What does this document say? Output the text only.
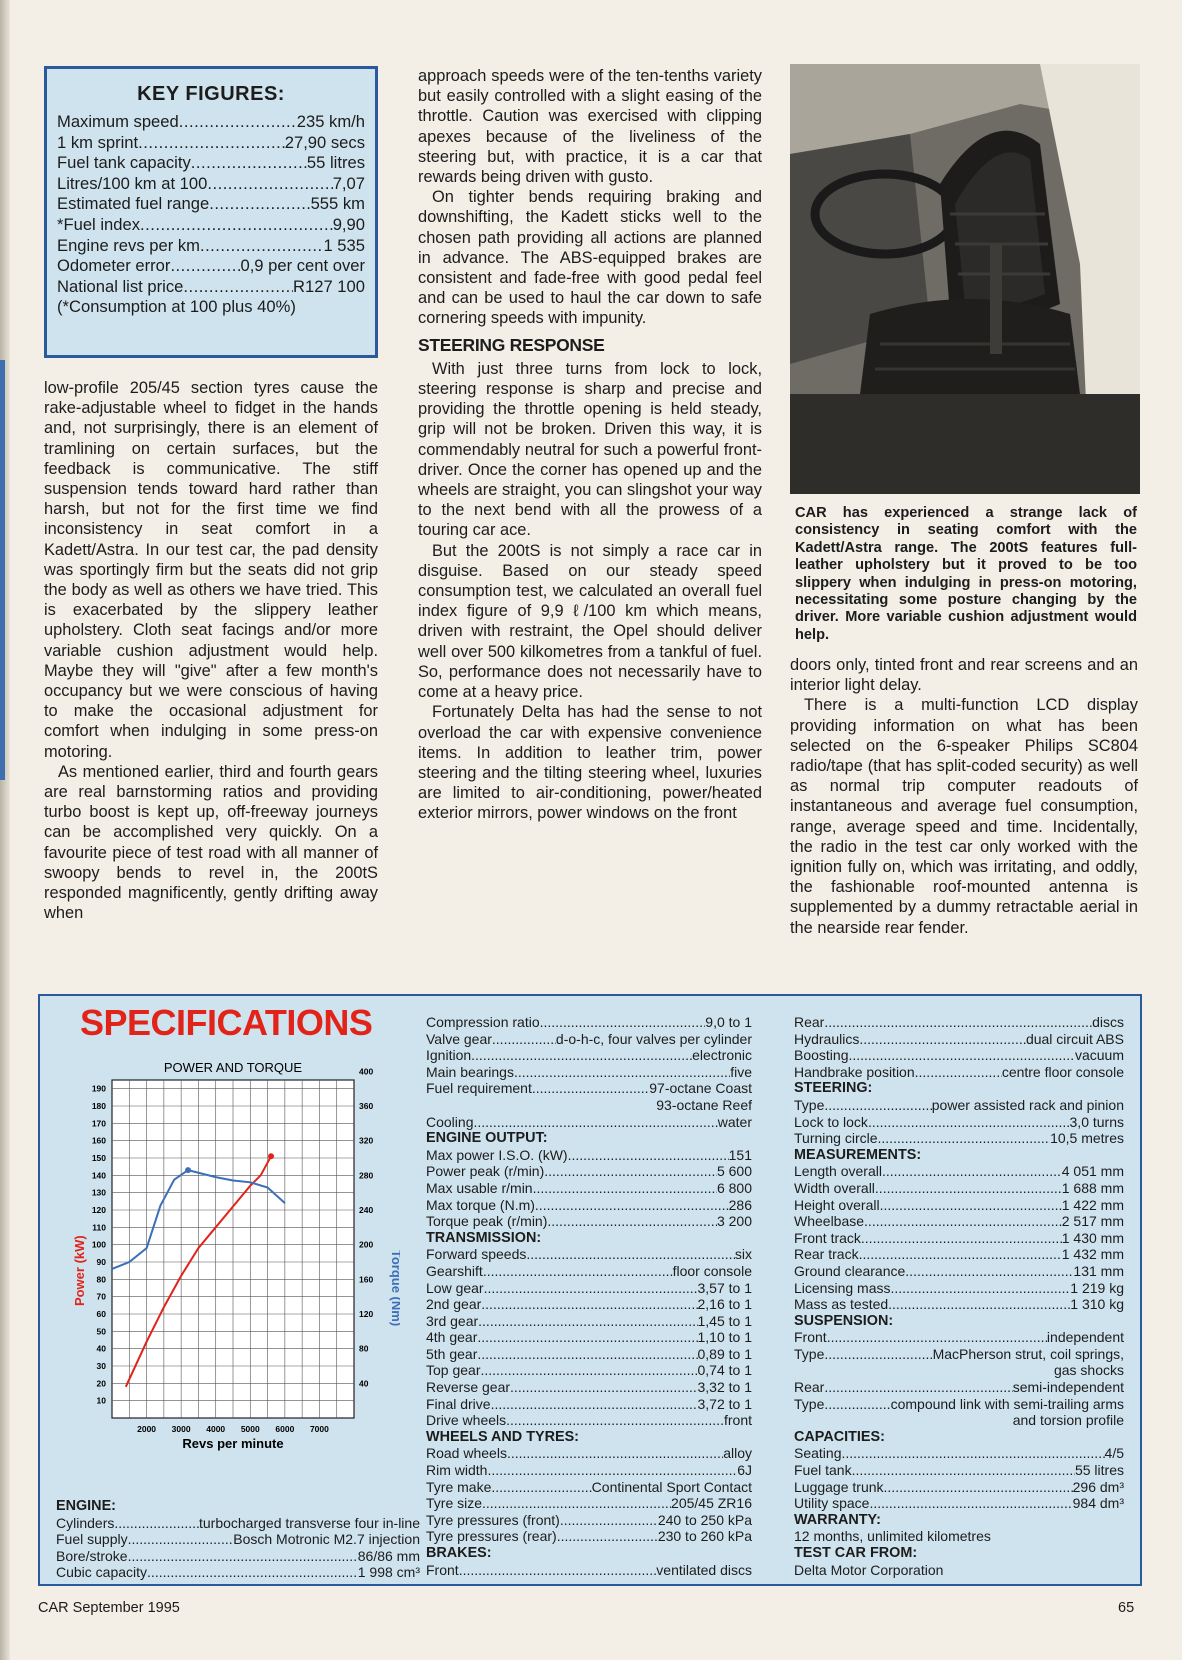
KEY FIGURES:
Maximum speed .....	235 km/h
1 km sprint .....	27,90 secs
Fuel tank capacity .....	55 litres
Litres/100 km at 100 .....	7,07
Estimated fuel range .....	555 km
*Fuel index .....	9,90
Engine revs per km .....	1 535
Odometer error .....	0,9 per cent over
National list price .....	R127 100
(*Consumption at 100 plus 40%)

low-profile 205/45 section tyres cause the rake-adjustable wheel to fidget in the hands and, not surprisingly, there is an element of tramlining on certain surfaces, but the feedback is communicative. The stiff suspension tends toward hard rather than harsh, but not for the first time we find inconsistency in seat comfort in a Kadett/Astra. In our test car, the pad density was sportingly firm but the seats did not grip the body as well as others we have tried. This is exacerbated by the slippery leather upholstery. Cloth seat facings and/or more variable cushion adjustment would help. Maybe they will "give" after a few month's occupancy but we were conscious of having to make the occasional adjustment for comfort when indulging in some press-on motoring.

As mentioned earlier, third and fourth gears are real barnstorming ratios and providing turbo boost is kept up, off-freeway journeys can be accomplished very quickly. On a favourite piece of test road with all manner of swoopy bends to revel in, the 200tS responded magnificently, gently drifting away when

approach speeds were of the ten-tenths variety but easily controlled with a slight easing of the throttle. Caution was exercised with clipping apexes because of the liveliness of the steering but, with practice, it is a car that rewards being driven with gusto.

On tighter bends requiring braking and downshifting, the Kadett sticks well to the chosen path providing all actions are planned in advance. The ABS-equipped brakes are consistent and fade-free with good pedal feel and can be used to haul the car down to safe cornering speeds with impunity.

STEERING RESPONSE

With just three turns from lock to lock, steering response is sharp and precise and providing the throttle opening is held steady, grip will not be broken. Driven this way, it is commendably neutral for such a powerful front-driver. Once the corner has opened up and the wheels are straight, you can slingshot your way to the next bend with all the prowess of a touring car ace.

But the 200tS is not simply a race car in disguise. Based on our steady speed consumption test, we calculated an overall fuel index figure of 9,9 ℓ/100 km which means, driven with restraint, the Opel should deliver well over 500 kilkometres from a tankful of fuel. So, performance does not necessarily have to come at a heavy price.

Fortunately Delta has had the sense to not overload the car with expensive convenience items. In addition to leather trim, power steering and the tilting steering wheel, luxuries are limited to air-conditioning, power/heated exterior mirrors, power windows on the front

CAR has experienced a strange lack of consistency in seating comfort with the Kadett/Astra range. The 200tS features full-leather upholstery but it proved to be too slippery when indulging in press-on motoring, necessitating some posture changing by the driver. More variable cushion adjustment would help.

doors only, tinted front and rear screens and an interior light delay.

There is a multi-function LCD display providing information on what has been selected on the 6-speaker Philips SC804 radio/tape (that has split-coded security) as well as normal trip computer readouts of instantaneous and average fuel consumption, range, average speed and time. Incidentally, the radio in the test car only worked with the ignition fully on, which was irritating, and oddly, the fashionable roof-mounted antenna is supplemented by a dummy retractable aerial in the nearside rear fender.

SPECIFICATIONS
POWER AND TORQUE
10
20
30
40
50
60
70
80
90
100
110
120
130
140
150
160
170
180
190
40
80
120
160
200
240
280
320
360
400
2000 3000 4000 5000 6000 7000
Revs per minute
Power (kW)	Torque (Nm)
ENGINE:
Cylinders .....	turbocharged transverse four in-line
Fuel supply .....	Bosch Motronic M2.7 injection
Bore/stroke .....	86/86 mm
Cubic capacity .....	1 998 cm³
Compression ratio .....	9,0 to 1
Valve gear .....	d-o-h-c, four valves per cylinder
Ignition .....	electronic
Main bearings .....	five
Fuel requirement .....	97-octane Coast
93-octane Reef
Cooling .....	water
ENGINE OUTPUT:
Max power I.S.O. (kW) .....	151
Power peak (r/min) .....	5 600
Max usable r/min .....	6 800
Max torque (N.m) .....	286
Torque peak (r/min) .....	3 200
TRANSMISSION:
Forward speeds .....	six
Gearshift .....	floor console
Low gear .....	3,57 to 1
2nd gear .....	2,16 to 1
3rd gear .....	1,45 to 1
4th gear .....	1,10 to 1
5th gear .....	0,89 to 1
Top gear .....	0,74 to 1
Reverse gear .....	3,32 to 1
Final drive .....	3,72 to 1
Drive wheels .....	front
WHEELS AND TYRES:
Road wheels .....	alloy
Rim width .....	6J
Tyre make .....	Continental Sport Contact
Tyre size .....	205/45 ZR16
Tyre pressures (front) .....	240 to 250 kPa
Tyre pressures (rear) .....	230 to 260 kPa
BRAKES:
Front .....	ventilated discs
Rear .....	discs
Hydraulics .....	dual circuit ABS
Boosting .....	vacuum
Handbrake position .....	centre floor console
STEERING:
Type .....	power assisted rack and pinion
Lock to lock .....	3,0 turns
Turning circle .....	10,5 metres
MEASUREMENTS:
Length overall .....	4 051 mm
Width overall .....	1 688 mm
Height overall .....	1 422 mm
Wheelbase .....	2 517 mm
Front track .....	1 430 mm
Rear track .....	1 432 mm
Ground clearance .....	131 mm
Licensing mass .....	1 219 kg
Mass as tested .....	1 310 kg
SUSPENSION:
Front .....	independent
Type .....	MacPherson strut, coil springs,
gas shocks
Rear .....	semi-independent
Type .....	compound link with semi-trailing arms
and torsion profile
CAPACITIES:
Seating .....	4/5
Fuel tank .....	55 litres
Luggage trunk .....	296 dm³
Utility space .....	984 dm³
WARRANTY:
12 months, unlimited kilometres
TEST CAR FROM:
Delta Motor Corporation
CAR September 1995	65
